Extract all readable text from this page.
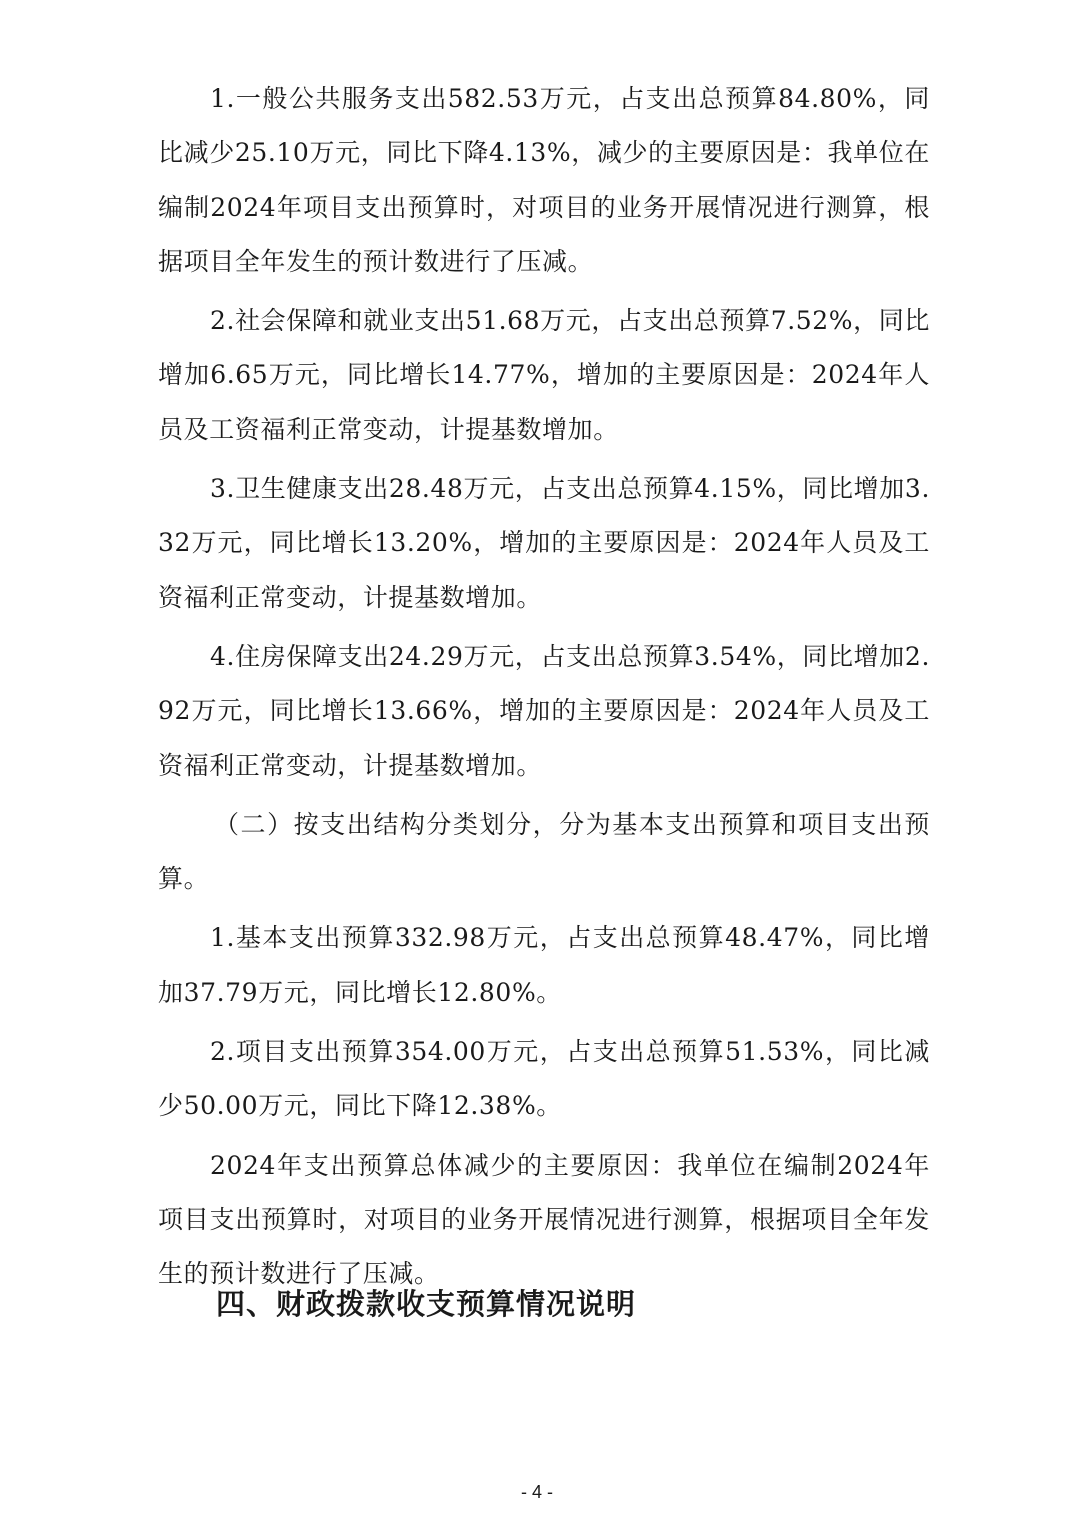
1.一般公共服务支出582.53万元，占支出总预算84.80%，同比减少25.10万元，同比下降4.13%，减少的主要原因是：我单位在编制2024年项目支出预算时，对项目的业务开展情况进行测算，根据项目全年发生的预计数进行了压减。

2.社会保障和就业支出51.68万元，占支出总预算7.52%，同比增加6.65万元，同比增长14.77%，增加的主要原因是：2024年人员及工资福利正常变动，计提基数增加。

3.卫生健康支出28.48万元，占支出总预算4.15%，同比增加3.32万元，同比增长13.20%，增加的主要原因是：2024年人员及工资福利正常变动，计提基数增加。

4.住房保障支出24.29万元，占支出总预算3.54%，同比增加2.92万元，同比增长13.66%，增加的主要原因是：2024年人员及工资福利正常变动，计提基数增加。

（二）按支出结构分类划分，分为基本支出预算和项目支出预算。

1.基本支出预算332.98万元，占支出总预算48.47%，同比增加37.79万元，同比增长12.80%。

2.项目支出预算354.00万元，占支出总预算51.53%，同比减少50.00万元，同比下降12.38%。

2024年支出预算总体减少的主要原因：我单位在编制2024年项目支出预算时，对项目的业务开展情况进行测算，根据项目全年发生的预计数进行了压减。

四、财政拨款收支预算情况说明
- 4 -
